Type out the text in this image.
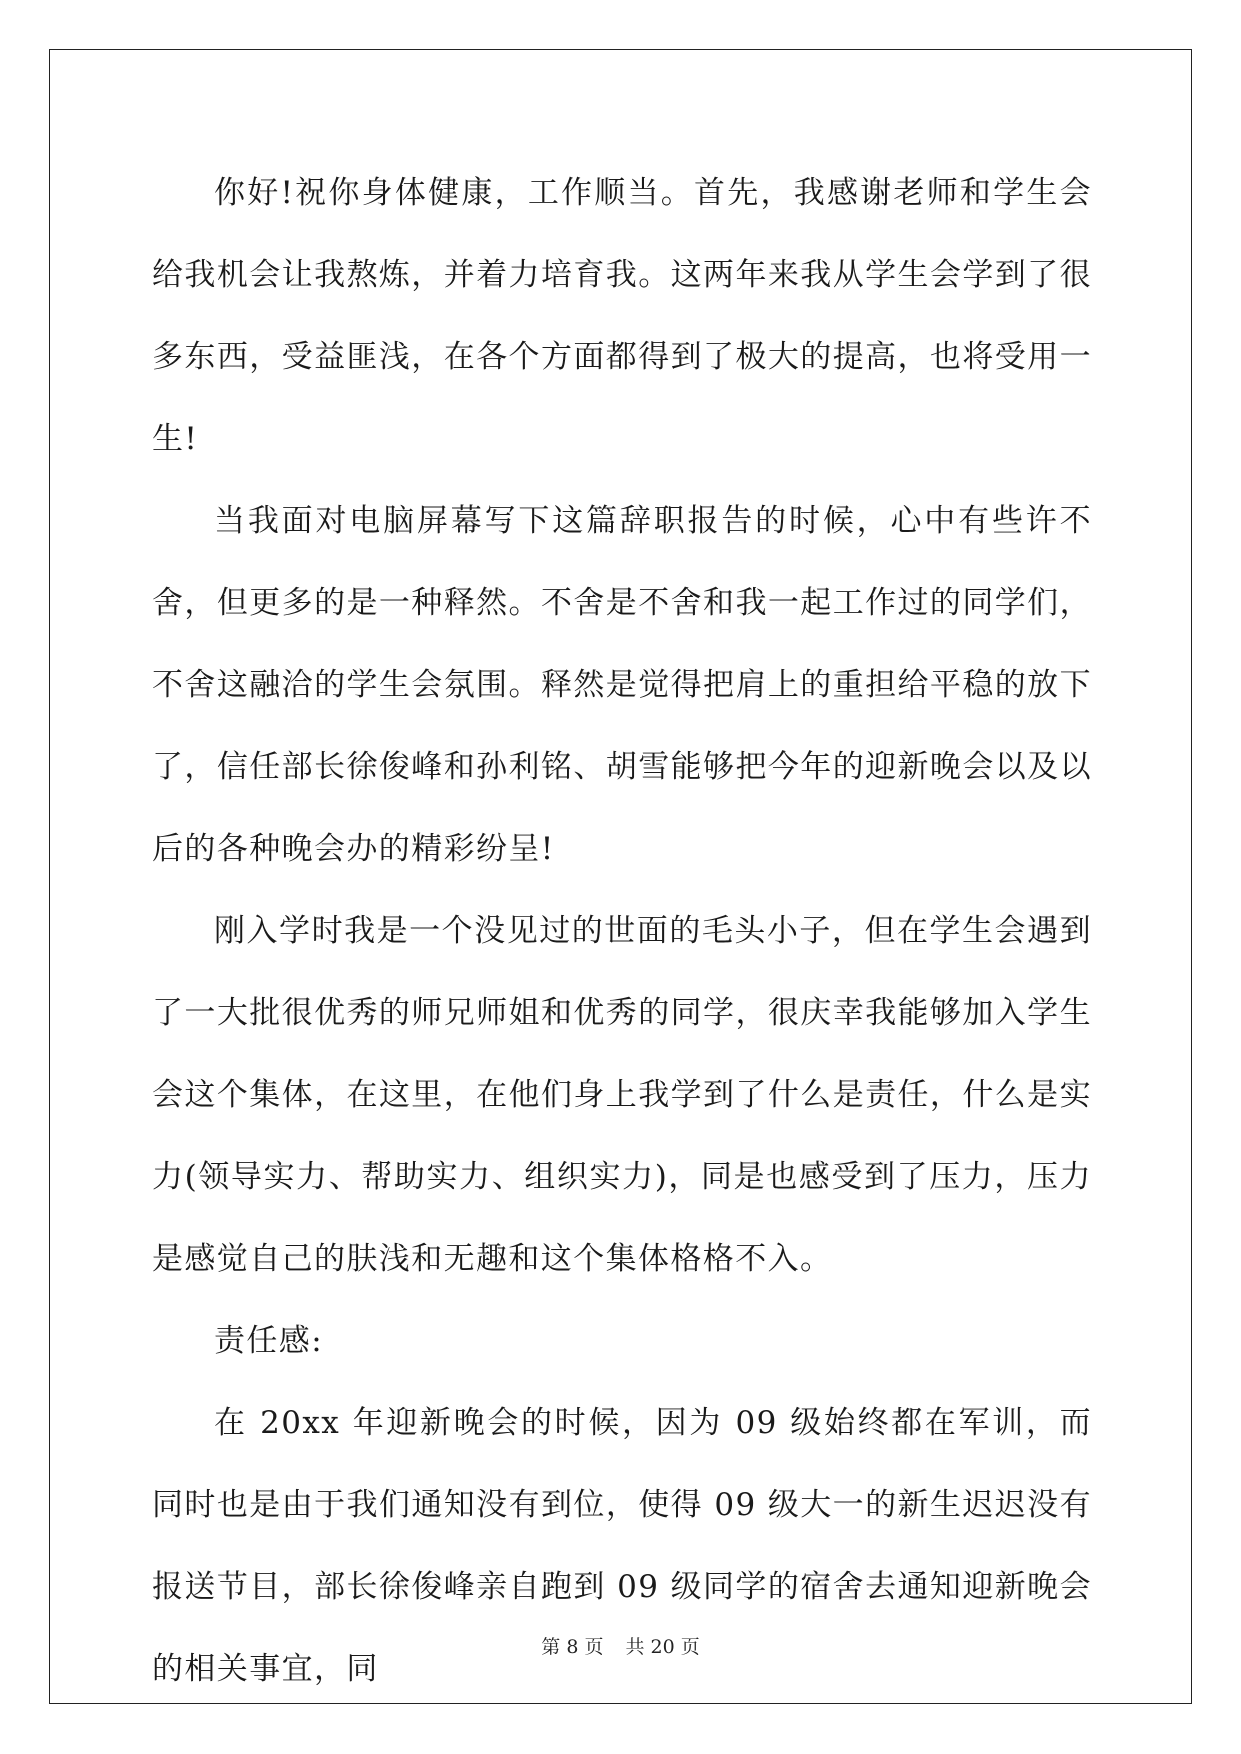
你好!祝你身体健康，工作顺当。首先，我感谢老师和学生会给我机会让我熬炼，并着力培育我。这两年来我从学生会学到了很多东西，受益匪浅，在各个方面都得到了极大的提高，也将受用一生!

当我面对电脑屏幕写下这篇辞职报告的时候，心中有些许不舍，但更多的是一种释然。不舍是不舍和我一起工作过的同学们，不舍这融洽的学生会氛围。释然是觉得把肩上的重担给平稳的放下了，信任部长徐俊峰和孙利铭、胡雪能够把今年的迎新晚会以及以后的各种晚会办的精彩纷呈!

刚入学时我是一个没见过的世面的毛头小子，但在学生会遇到了一大批很优秀的师兄师姐和优秀的同学，很庆幸我能够加入学生会这个集体，在这里，在他们身上我学到了什么是责任，什么是实力(领导实力、帮助实力、组织实力)，同是也感受到了压力，压力是感觉自己的肤浅和无趣和这个集体格格不入。

责任感:

在 20xx 年迎新晚会的时候，因为 09 级始终都在军训，而同时也是由于我们通知没有到位，使得 09 级大一的新生迟迟没有报送节目，部长徐俊峰亲自跑到 09 级同学的宿舍去通知迎新晚会的相关事宜，同

第 8 页 共 20 页
